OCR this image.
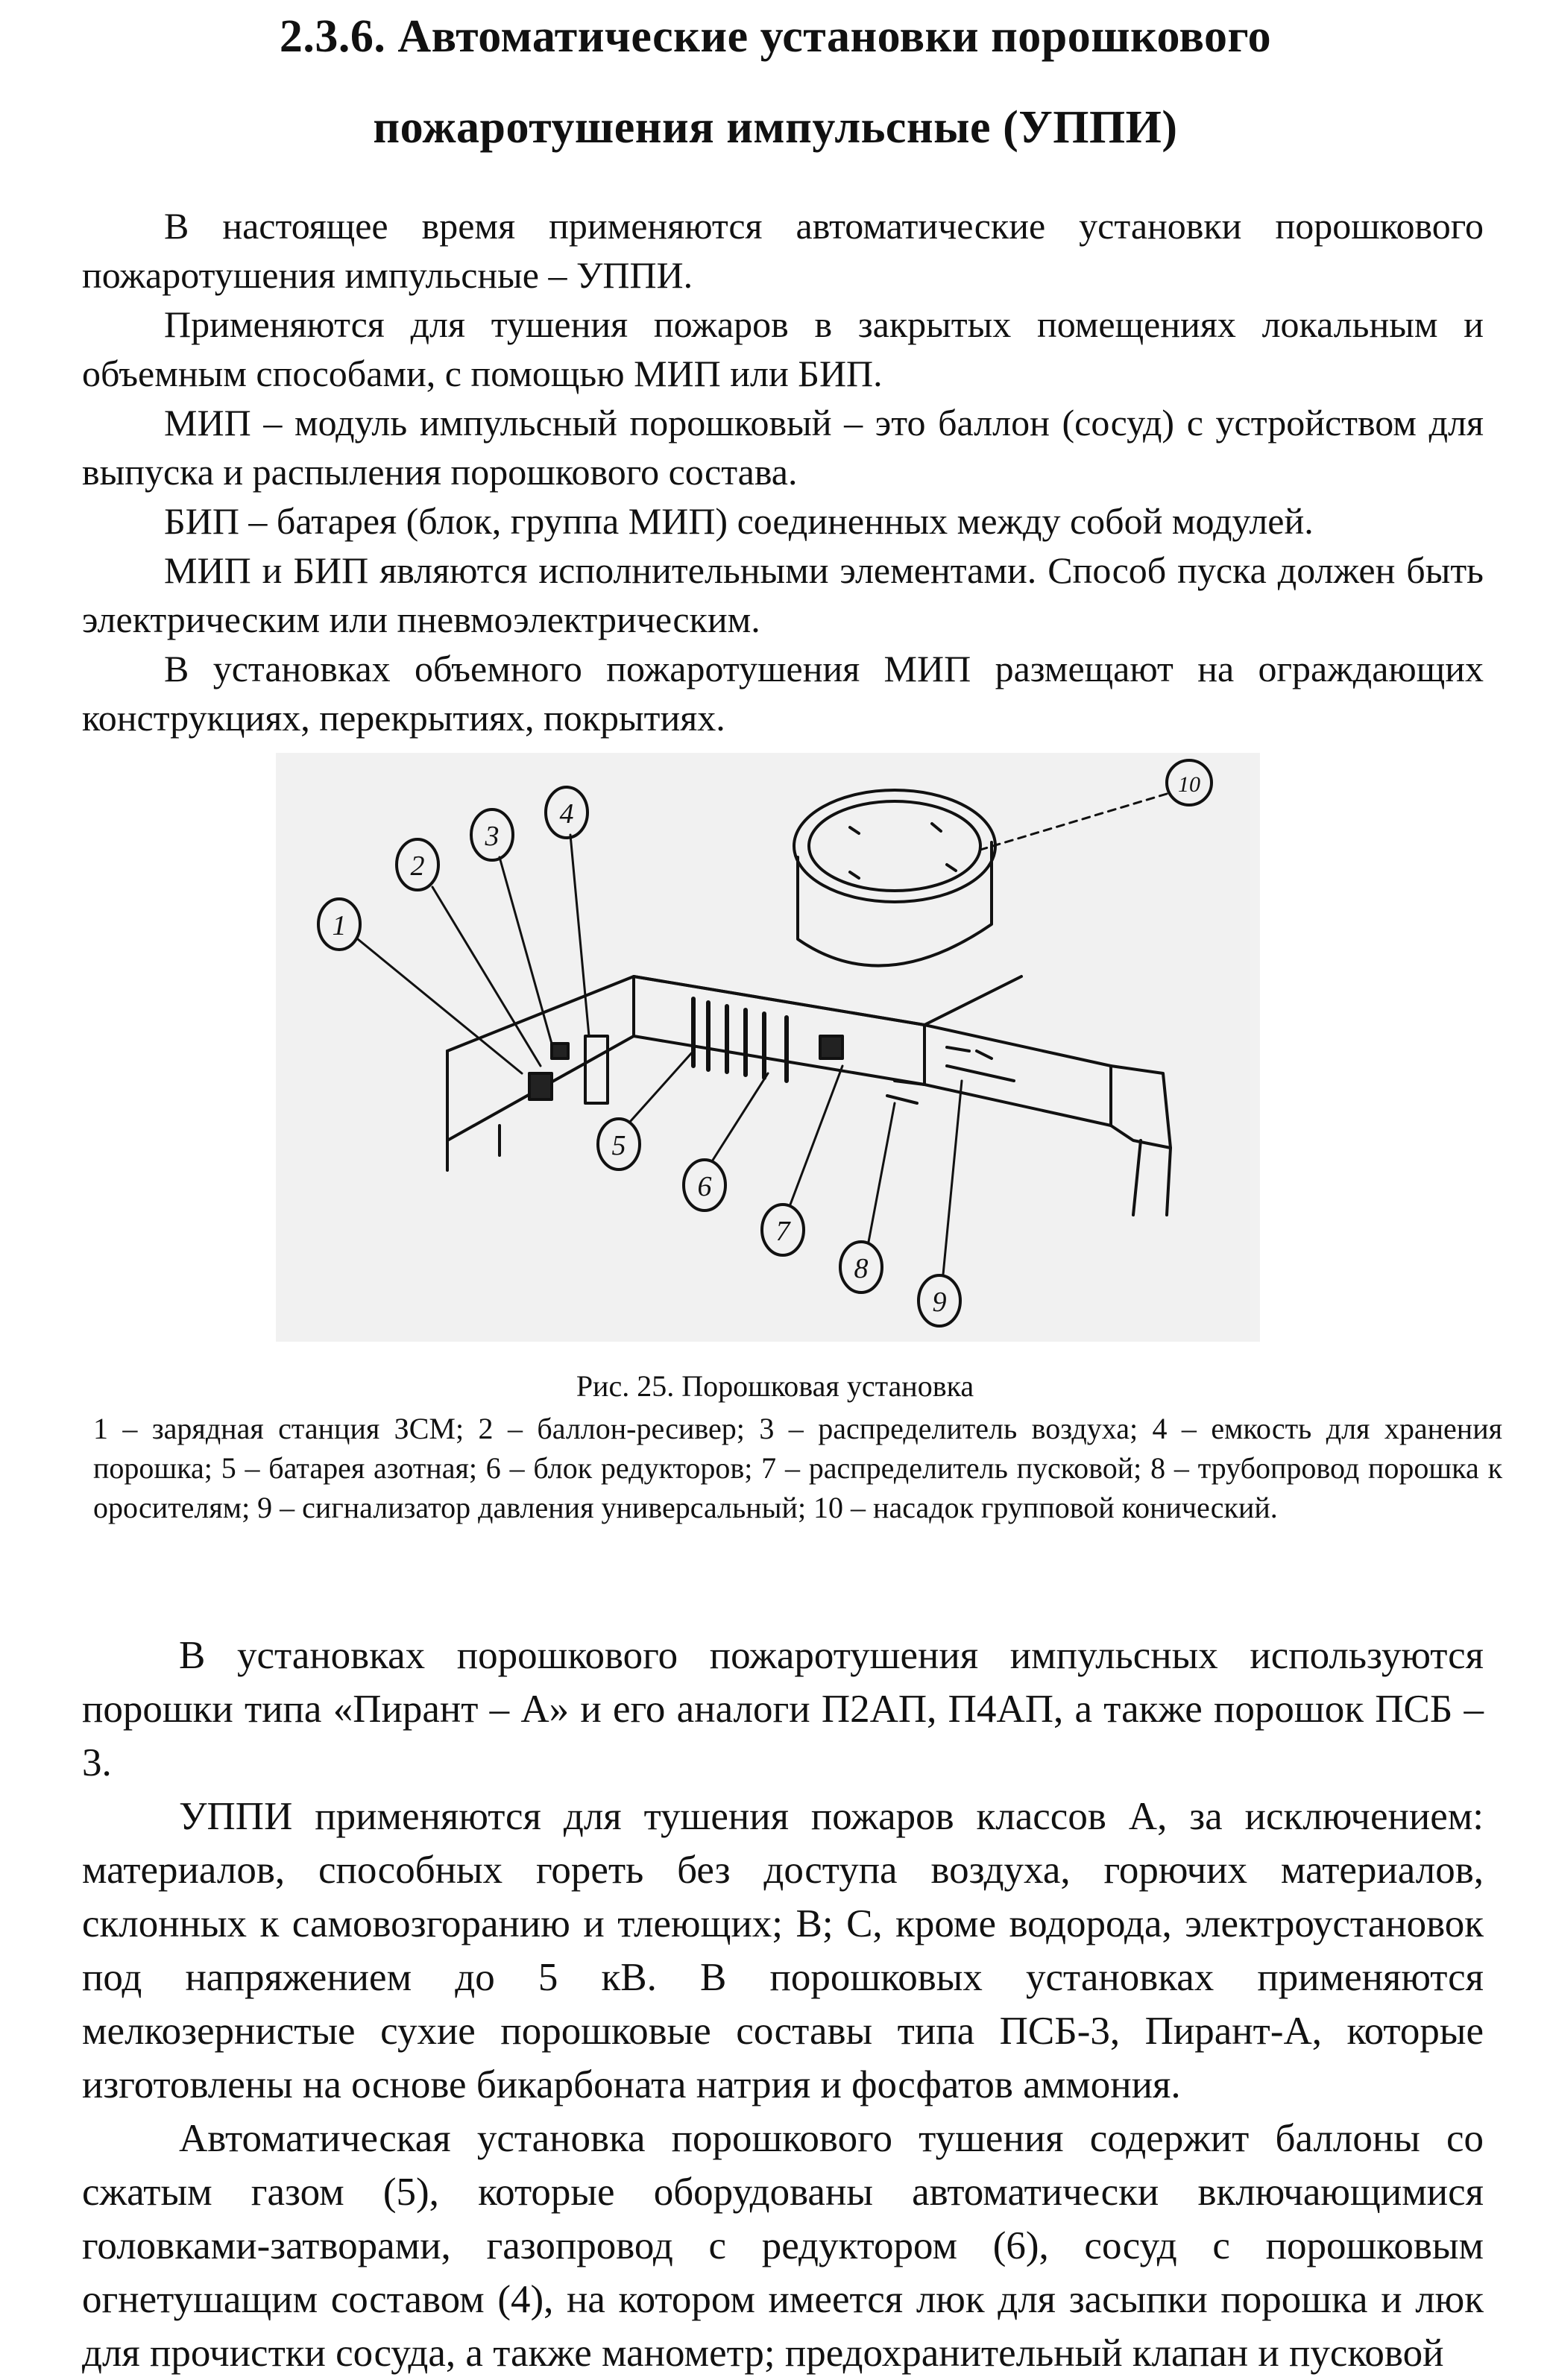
2.3.6. Автоматические установки порошкового
пожаротушения импульсные (УППИ)

В настоящее время применяются автоматические установки порошкового пожаротушения импульсные – УППИ.

Применяются для тушения пожаров в закрытых помещениях локальным и объемным способами, с помощью МИП или БИП.

МИП – модуль импульсный порошковый – это баллон (сосуд) с устройством для выпуска и распыления порошкового состава.

БИП – батарея (блок, группа МИП) соединенных между собой модулей.

МИП и БИП являются исполнительными элементами. Способ пуска должен быть электрическим или пневмоэлектрическим.

В установках объемного пожаротушения МИП размещают на ограждающих конструкциях, перекрытиях, покрытиях.

1
2
3
4
5
6
7
8
9
10
Рис. 25. Порошковая установка
1 – зарядная станция ЗСМ; 2 – баллон-ресивер; 3 – распределитель воздуха; 4 – емкость для хранения порошка; 5 – батарея азотная; 6 – блок редукторов; 7 – распределитель пусковой; 8 – трубопровод порошка к оросителям; 9 – сигнализатор давления универсальный; 10 – насадок групповой конический.

В установках порошкового пожаротушения импульсных используются порошки типа «Пирант – А» и его аналоги П2АП, П4АП, а также порошок ПСБ – 3.

УППИ применяются для тушения пожаров классов А, за исключением: материалов, способных гореть без доступа воздуха, горючих материалов, склонных к самовозгоранию и тлеющих; В; С, кроме водорода, электроустановок под напряжением до 5 кВ. В порошковых установках применяются мелкозернистые сухие порошковые составы типа ПСБ-3, Пирант-А, которые изготовлены на основе бикарбоната натрия и фосфатов аммония.

Автоматическая установка порошкового тушения содержит баллоны со сжатым газом (5), которые оборудованы автоматически включающимися головками-затворами, газопровод с редуктором (6), сосуд с порошковым огнетушащим составом (4), на котором имеется люк для засыпки порошка и люк для прочистки сосуда, а также манометр; предохранительный клапан и пусковой
